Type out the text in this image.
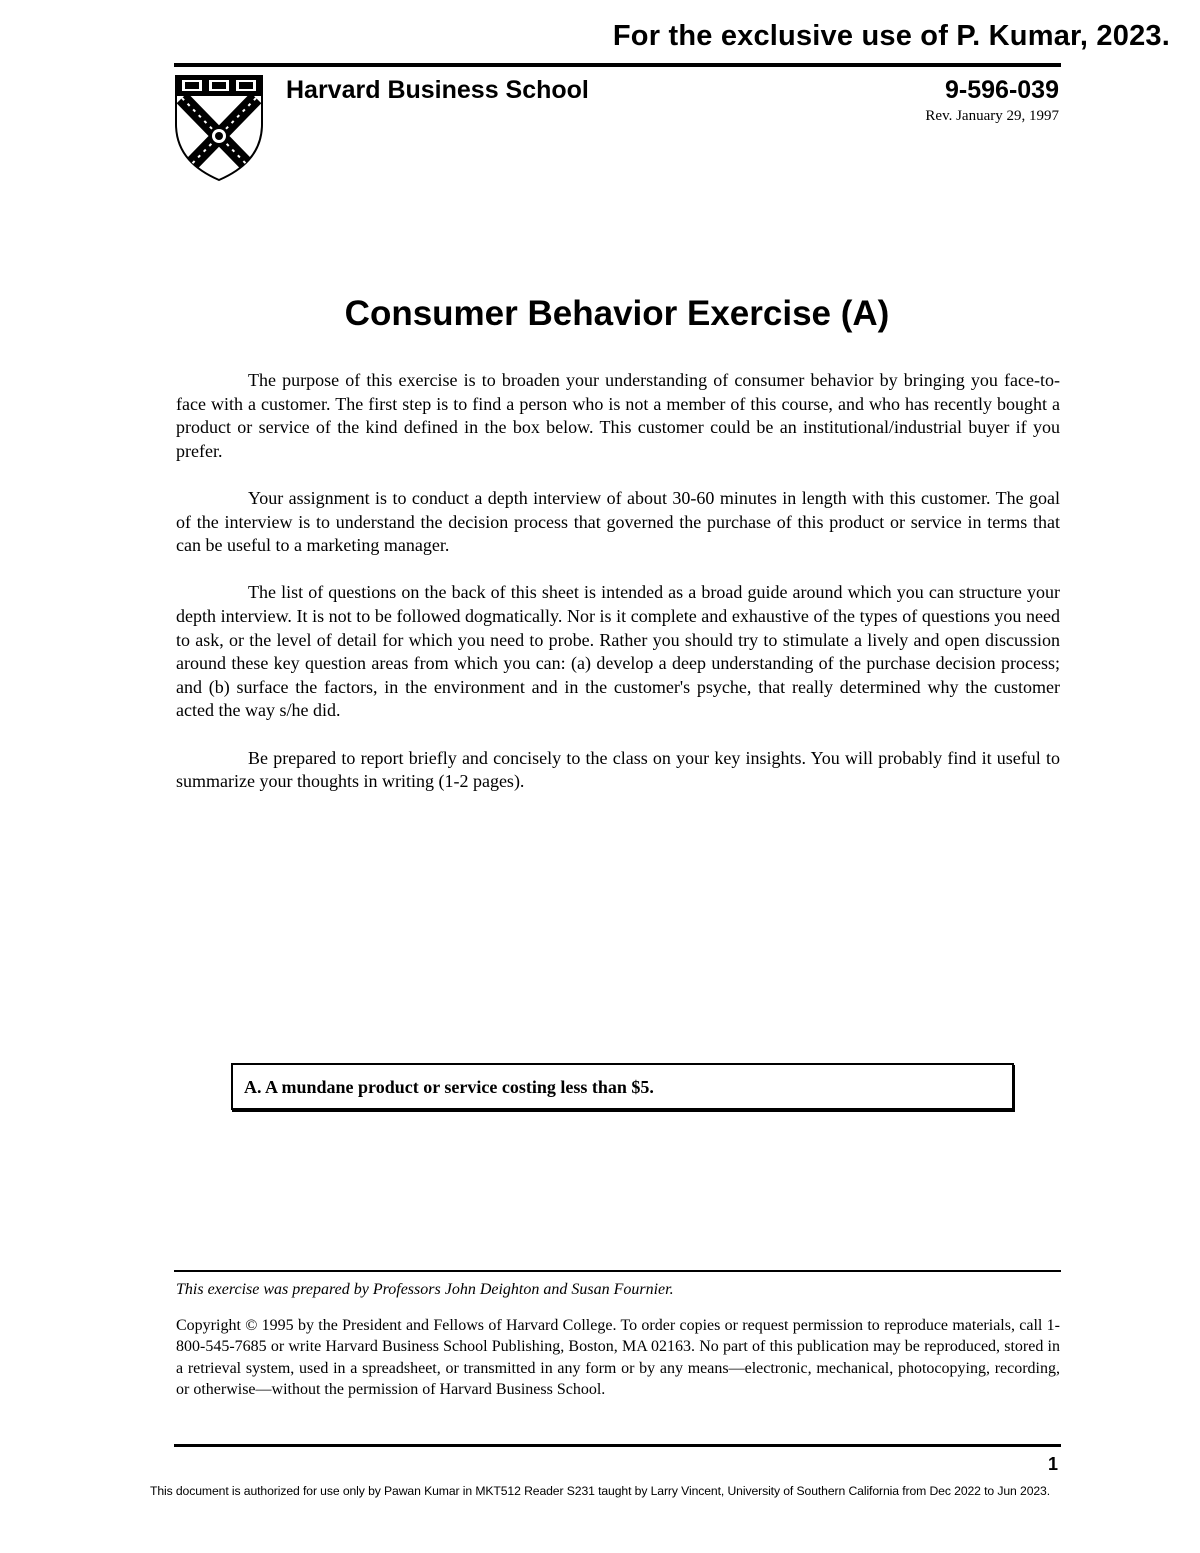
For the exclusive use of P. Kumar, 2023.
Harvard Business School	9-596-039
Rev. January 29, 1997
Consumer Behavior Exercise (A)

The purpose of this exercise is to broaden your understanding of consumer behavior by bringing you face-to-face with a customer. The first step is to find a person who is not a member of this course, and who has recently bought a product or service of the kind defined in the box below. This customer could be an institutional/industrial buyer if you prefer.

Your assignment is to conduct a depth interview of about 30-60 minutes in length with this customer. The goal of the interview is to understand the decision process that governed the purchase of this product or service in terms that can be useful to a marketing manager.

The list of questions on the back of this sheet is intended as a broad guide around which you can structure your depth interview. It is not to be followed dogmatically. Nor is it complete and exhaustive of the types of questions you need to ask, or the level of detail for which you need to probe. Rather you should try to stimulate a lively and open discussion around these key question areas from which you can: (a) develop a deep understanding of the purchase decision process; and (b) surface the factors, in the environment and in the customer's psyche, that really determined why the customer acted the way s/he did.

Be prepared to report briefly and concisely to the class on your key insights. You will probably find it useful to summarize your thoughts in writing (1-2 pages).

A. A mundane product or service costing less than $5.
This exercise was prepared by Professors John Deighton and Susan Fournier.
Copyright © 1995 by the President and Fellows of Harvard College. To order copies or request permission to reproduce materials, call 1-800-545-7685 or write Harvard Business School Publishing, Boston, MA 02163. No part of this publication may be reproduced, stored in a retrieval system, used in a spreadsheet, or transmitted in any form or by any means—electronic, mechanical, photocopying, recording, or otherwise—without the permission of Harvard Business School.
1
This document is authorized for use only by Pawan Kumar in MKT512 Reader S231 taught by Larry Vincent, University of Southern California from Dec 2022 to Jun 2023.
